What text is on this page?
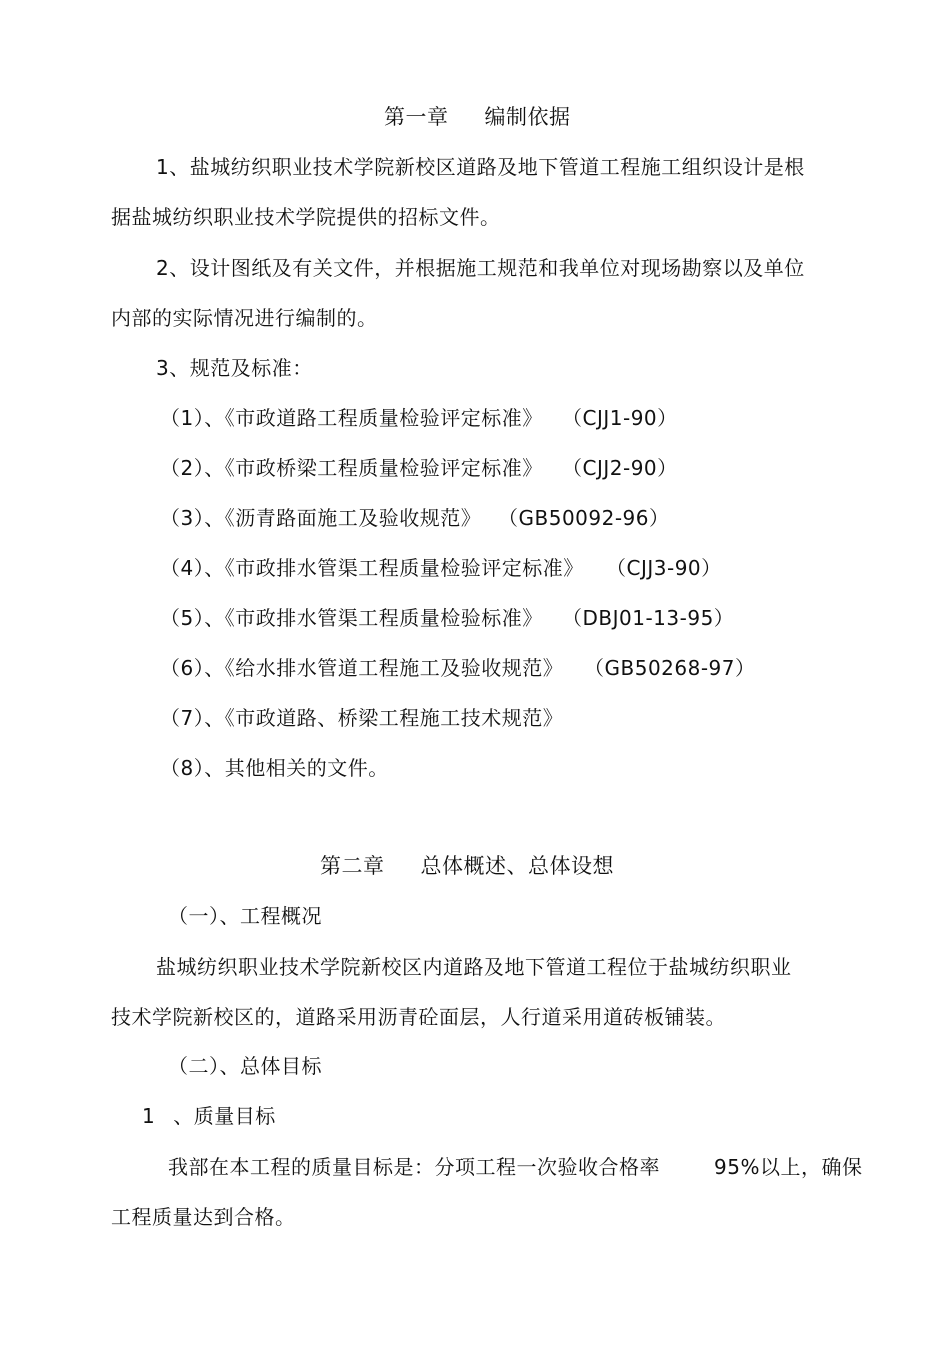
第一章 编制依据
1、盐城纺织职业技术学院新校区道路及地下管道工程施工组织设计是根
据盐城纺织职业技术学院提供的招标文件。
2、设计图纸及有关文件，并根据施工规范和我单位对现场勘察以及单位
内部的实际情况进行编制的。
3、规范及标准：
（1）、《市政道路工程质量检验评定标准》 （CJJ1-90）
（2）、《市政桥梁工程质量检验评定标准》 （CJJ2-90）
（3）、《沥青路面施工及验收规范》 （GB50092-96）
（4）、《市政排水管渠工程质量检验评定标准》 （CJJ3-90）
（5）、《市政排水管渠工程质量检验标准》 （DBJ01-13-95）
（6）、《给水排水管道工程施工及验收规范》 （GB50268-97）
（7）、《市政道路、桥梁工程施工技术规范》
（8）、其他相关的文件。
第二章 总体概述、总体设想
（一）、工程概况
盐城纺织职业技术学院新校区内道路及地下管道工程位于盐城纺织职业
技术学院新校区的，道路采用沥青砼面层，人行道采用道砖板铺装。
（二）、总体目标
1 、质量目标
我部在本工程的质量目标是：分项工程一次验收合格率	95%以上，确保
工程质量达到合格。
